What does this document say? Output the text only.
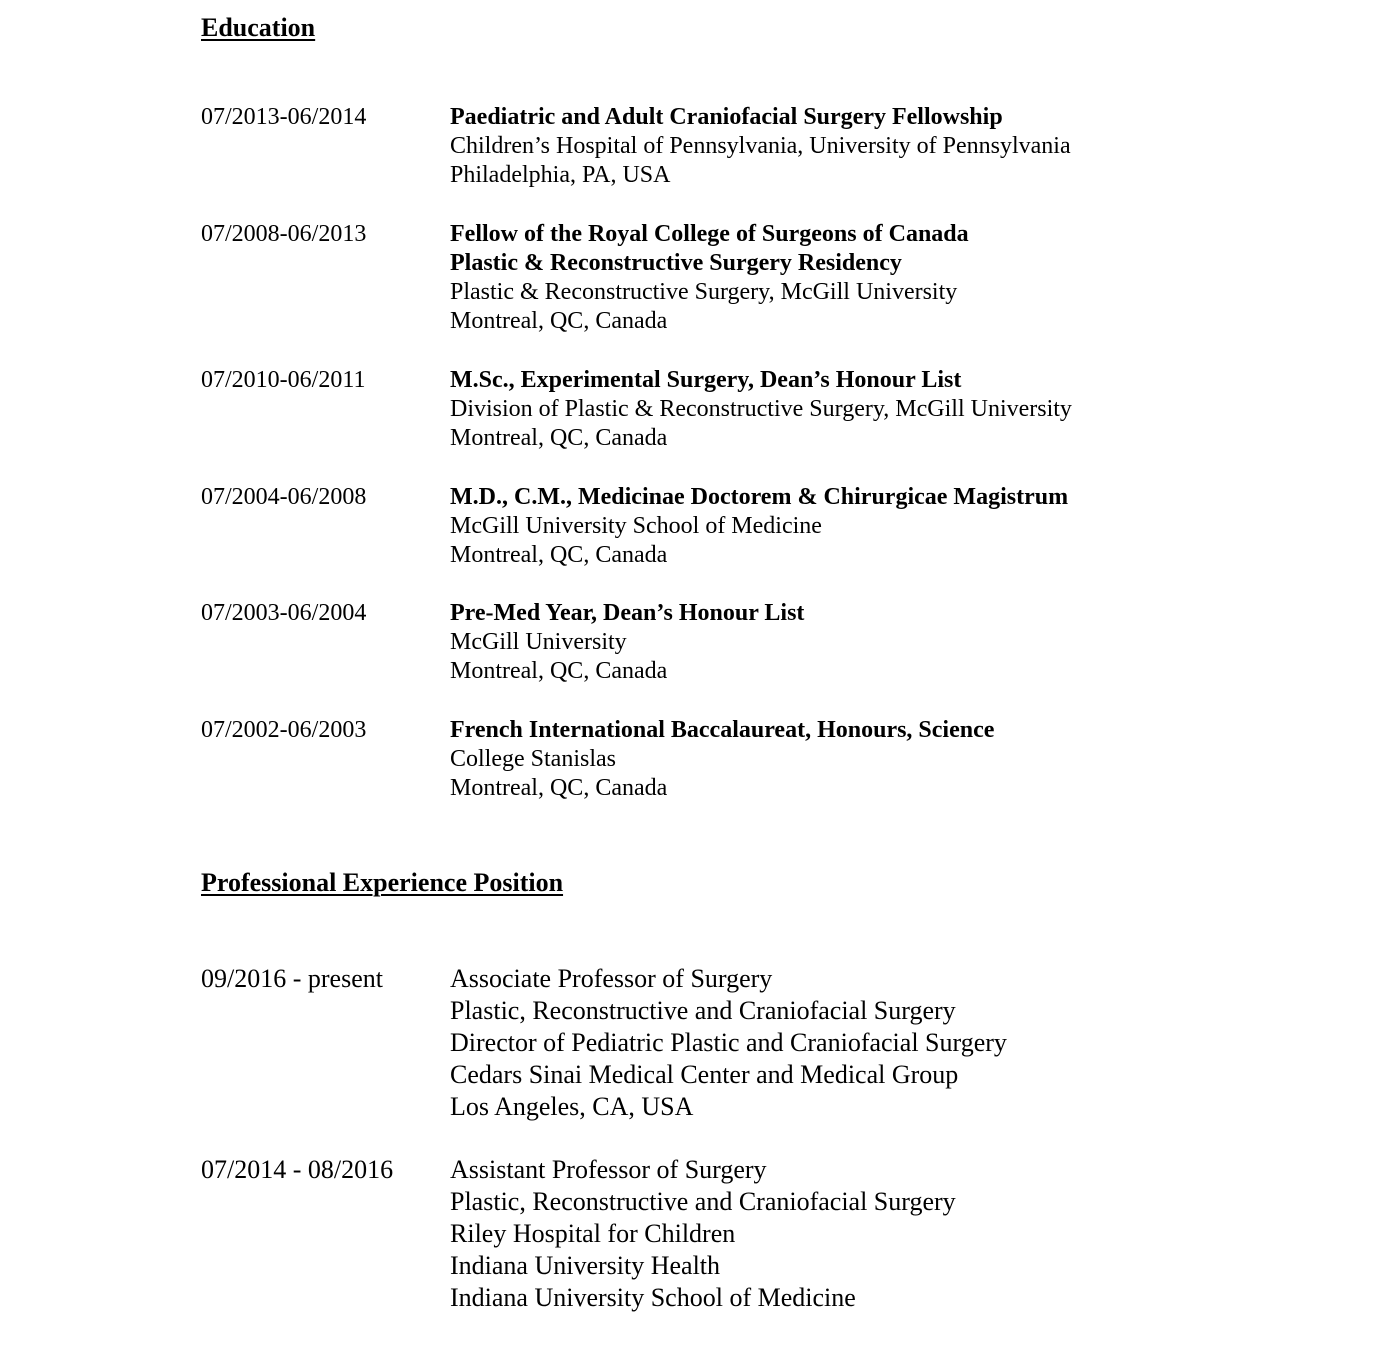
Education
07/2013-06/2014	Paediatric and Adult Craniofacial Surgery Fellowship
Children’s Hospital of Pennsylvania, University of Pennsylvania
Philadelphia, PA, USA
07/2008-06/2013	Fellow of the Royal College of Surgeons of Canada
Plastic & Reconstructive Surgery Residency
Plastic & Reconstructive Surgery, McGill University
Montreal, QC, Canada
07/2010-06/2011	M.Sc., Experimental Surgery, Dean’s Honour List
Division of Plastic & Reconstructive Surgery, McGill University
Montreal, QC, Canada
07/2004-06/2008	M.D., C.M., Medicinae Doctorem & Chirurgicae Magistrum
McGill University School of Medicine
Montreal, QC, Canada
07/2003-06/2004	Pre-Med Year, Dean’s Honour List
McGill University
Montreal, QC, Canada
07/2002-06/2003	French International Baccalaureat, Honours, Science
College Stanislas
Montreal, QC, Canada
Professional Experience Position
09/2016 - present	Associate Professor of Surgery
Plastic, Reconstructive and Craniofacial Surgery
Director of Pediatric Plastic and Craniofacial Surgery
Cedars Sinai Medical Center and Medical Group
Los Angeles, CA, USA
07/2014 - 08/2016 Assistant Professor of Surgery
Plastic, Reconstructive and Craniofacial Surgery
Riley Hospital for Children
Indiana University Health
Indiana University School of Medicine
